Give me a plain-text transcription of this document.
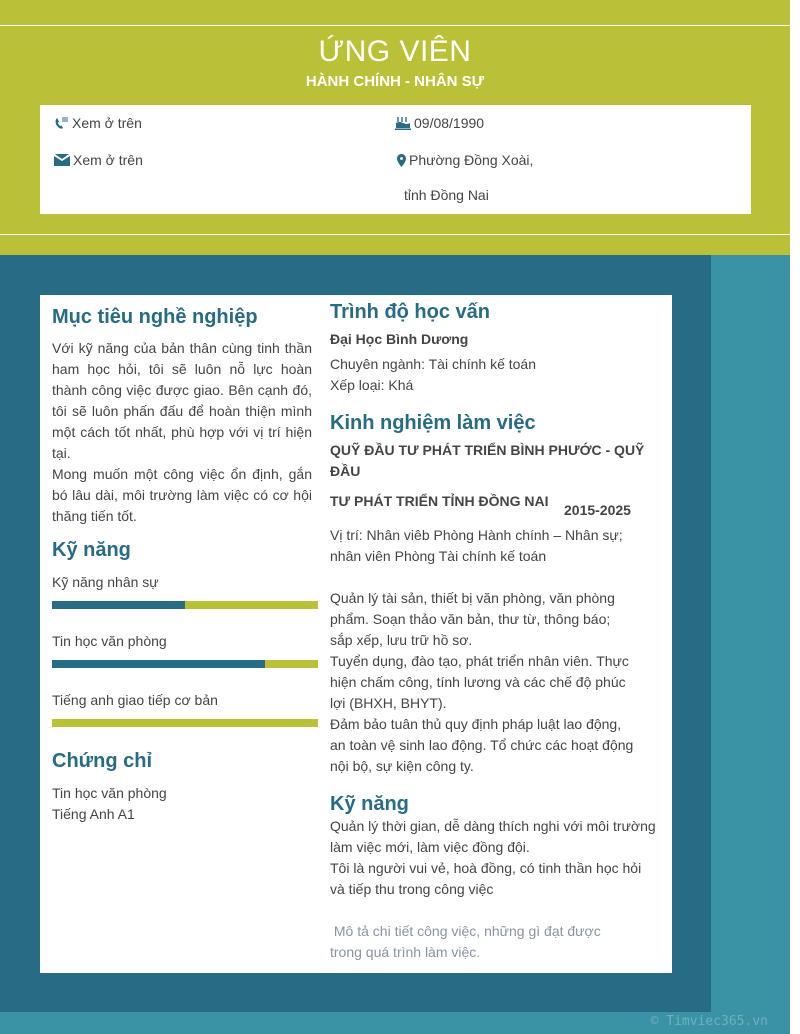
ỨNG VIÊN
HÀNH CHÍNH - NHÂN SỰ
Xem ở trên
Xem ở trên
09/08/1990
Phường Đồng Xoài,
tỉnh Đồng Nai
Mục tiêu nghề nghiệp
Với kỹ năng của bản thân cùng tinh thần ham học hỏi, tôi sẽ luôn nỗ lực hoàn thành công việc được giao. Bên cạnh đó, tôi sẽ luôn phấn đấu để hoàn thiện mình một cách tốt nhất, phù hợp với vị trí hiện tại.
Mong muốn một công việc ổn định, gắn bó lâu dài, môi trường làm việc có cơ hội thăng tiến tốt.
Kỹ năng
Kỹ năng nhân sự
Tin học văn phòng
Tiếng anh giao tiếp cơ bản
Chứng chỉ
Tin học văn phòng
Tiếng Anh A1
Trình độ học vấn
Đại Học Bình Dương
Chuyên ngành: Tài chính kế toán
Xếp loại: Khá
Kinh nghiệm làm việc
QUỸ ĐẦU TƯ PHÁT TRIỂN BÌNH PHƯỚC - QUỸ ĐẦU
TƯ PHÁT TRIỂN TỈNH ĐỒNG NAI
2015-2025
Vị trí: Nhân viêb Phòng Hành chính – Nhân sự; nhân viên Phòng Tài chính kế toán
Quản lý tài sản, thiết bị văn phòng, văn phòng phẩm. Soạn thảo văn bản, thư từ, thông báo; sắp xếp, lưu trữ hồ sơ.
Tuyển dụng, đào tạo, phát triển nhân viên. Thực hiện chấm công, tính lương và các chế độ phúc lợi (BHXH, BHYT).
Đảm bảo tuân thủ quy định pháp luật lao động, an toàn vệ sinh lao động. Tổ chức các hoạt động nội bộ, sự kiện công ty.
Kỹ năng
Quản lý thời gian, dễ dàng thích nghi với môi trường làm việc mới, làm việc đồng đội.
Tôi là người vui vẻ, hoà đồng, có tinh thần học hỏi và tiếp thu trong công việc
Mô tả chi tiết công việc, những gì đạt được trong quá trình làm việc.
© Timviec365.vn
